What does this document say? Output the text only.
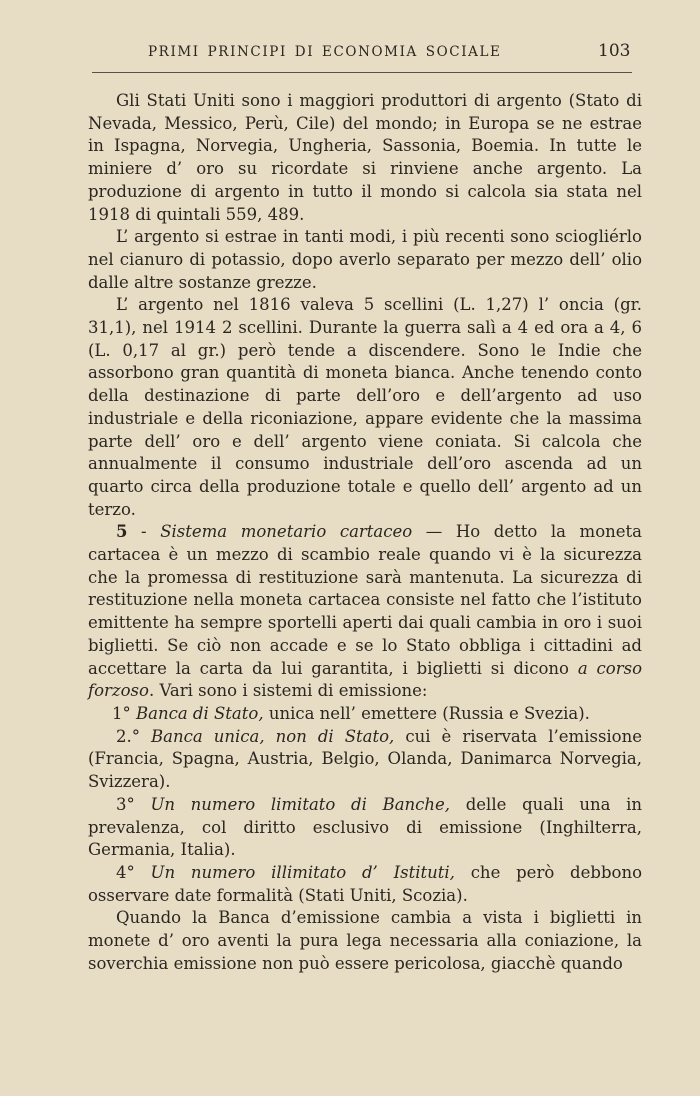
PRIMI PRINCIPI DI ECONOMIA SOCIALE	103

Gli Stati Uniti sono i maggiori produttori di argento (Stato di Nevada, Messico, Perù, Cile) del mondo; in Europa se ne estrae in Ispagna, Norvegia, Ungheria, Sassonia, Boemia. In tutte le miniere d’ oro su ricordate si rinviene anche argento. La produzione di argento in tutto il mondo si calcola sia stata nel 1918 di quintali 559, 489.

L’ argento si estrae in tanti modi, i più recenti sono sciogliérlo nel cianuro di potassio, dopo averlo separato per mezzo dell’ olio dalle altre sostanze grezze.

L’ argento nel 1816 valeva 5 scellini (L. 1,27) l’ oncia (gr. 31,1), nel 1914 2 scellini. Durante la guerra salì a 4 ed ora a 4, 6 (L. 0,17 al gr.) però tende a discendere. Sono le Indie che assorbono gran quantità di moneta bianca. Anche tenendo conto della destinazione di parte dell’oro e dell’argento ad uso industriale e della riconiazione, appare evidente che la massima parte dell’ oro e dell’ argento viene coniata. Si calcola che annualmente il consumo industriale dell’oro ascenda ad un quarto circa della produzione totale e quello dell’ argento ad un terzo.

5 - Sistema monetario cartaceo — Ho detto la moneta cartacea è un mezzo di scambio reale quando vi è la sicurezza che la promessa di restituzione sarà mantenuta. La sicurezza di restituzione nella moneta cartacea consiste nel fatto che l’istituto emittente ha sempre sportelli aperti dai quali cambia in oro i suoi biglietti. Se ciò non accade e se lo Stato obbliga i cittadini ad accettare la carta da lui garantita, i biglietti si dicono a corso forzoso. Vari sono i sistemi di emissione:

1° Banca di Stato, unica nell’ emettere (Russia e Svezia).

2.° Banca unica, non di Stato, cui è riservata l’emissione (Francia, Spagna, Austria, Belgio, Olanda, Danimarca Norvegia, Svizzera).

3° Un numero limitato di Banche, delle quali una in prevalenza, col diritto esclusivo di emissione (Inghilterra, Germania, Italia).

4° Un numero illimitato d’ Istituti, che però debbono osservare date formalità (Stati Uniti, Scozia).

Quando la Banca d’emissione cambia a vista i biglietti in monete d’ oro aventi la pura lega necessaria alla coniazione, la soverchia emissione non può essere pericolosa, giacchè quando
